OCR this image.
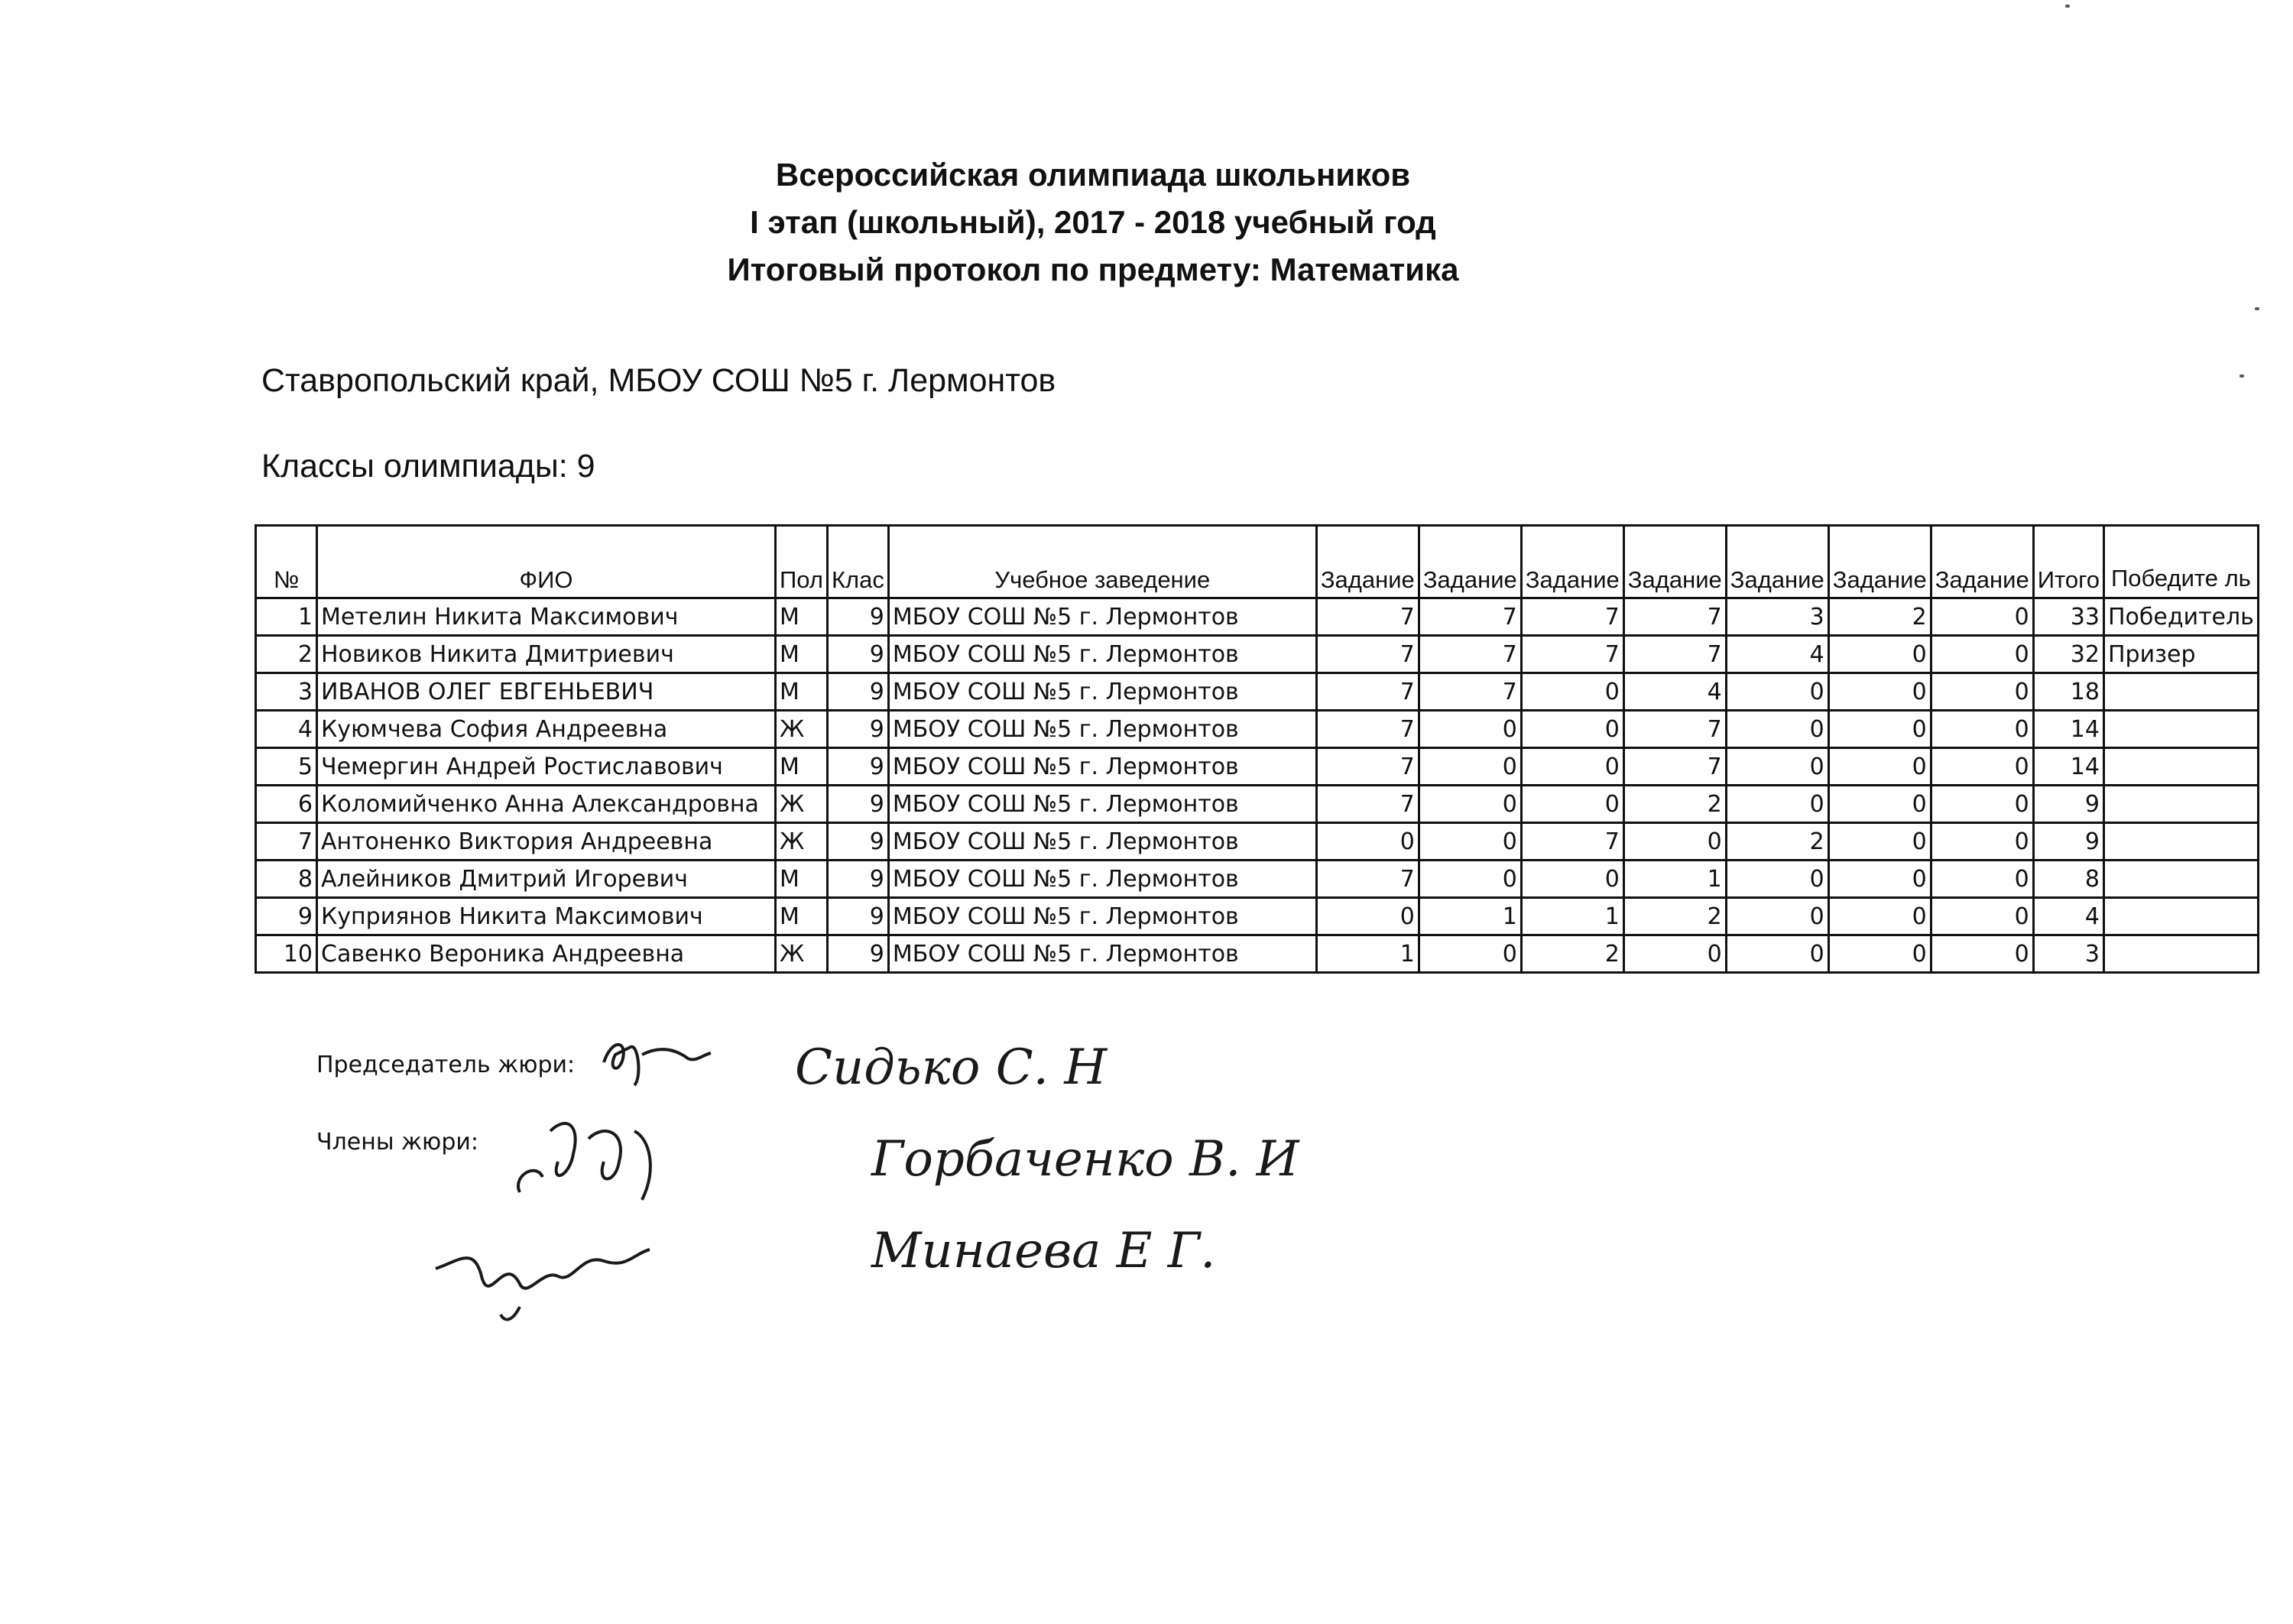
Всероссийская олимпиада школьников
I этап (школьный), 2017 - 2018 учебный год
Итоговый протокол по предмету: Математика
Ставропольский край, МБОУ СОШ №5 г. Лермонтов
Классы олимпиады: 9
№	ФИО	Пол	Клас	Учебное заведение	Задание	Задание	Задание	Задание	Задание	Задание	Задание	Итого	Победите ль
1	Метелин Никита Максимович	М	9	МБОУ СОШ №5 г. Лермонтов	7	7	7	7	3	2	0	33	Победитель
2	Новиков Никита Дмитриевич	М	9	МБОУ СОШ №5 г. Лермонтов	7	7	7	7	4	0	0	32	Призер
3	ИВАНОВ ОЛЕГ ЕВГЕНЬЕВИЧ	М	9	МБОУ СОШ №5 г. Лермонтов	7	7	0	4	0	0	0	18	
4	Куюмчева София Андреевна	Ж	9	МБОУ СОШ №5 г. Лермонтов	7	0	0	7	0	0	0	14	
5	Чемергин Андрей Ростиславович	М	9	МБОУ СОШ №5 г. Лермонтов	7	0	0	7	0	0	0	14	
6	Коломийченко Анна Александровна	Ж	9	МБОУ СОШ №5 г. Лермонтов	7	0	0	2	0	0	0	9	
7	Антоненко Виктория Андреевна	Ж	9	МБОУ СОШ №5 г. Лермонтов	0	0	7	0	2	0	0	9	
8	Алейников Дмитрий Игоревич	М	9	МБОУ СОШ №5 г. Лермонтов	7	0	0	1	0	0	0	8	
9	Куприянов Никита Максимович	М	9	МБОУ СОШ №5 г. Лермонтов	0	1	1	2	0	0	0	4	
10	Савенко Вероника Андреевна	Ж	9	МБОУ СОШ №5 г. Лермонтов	1	0	2	0	0	0	0	3	
Председатель жюри:
Члены жюри:
Сидько С. Н
Горбаченко В. И
Минаева Е Г.
